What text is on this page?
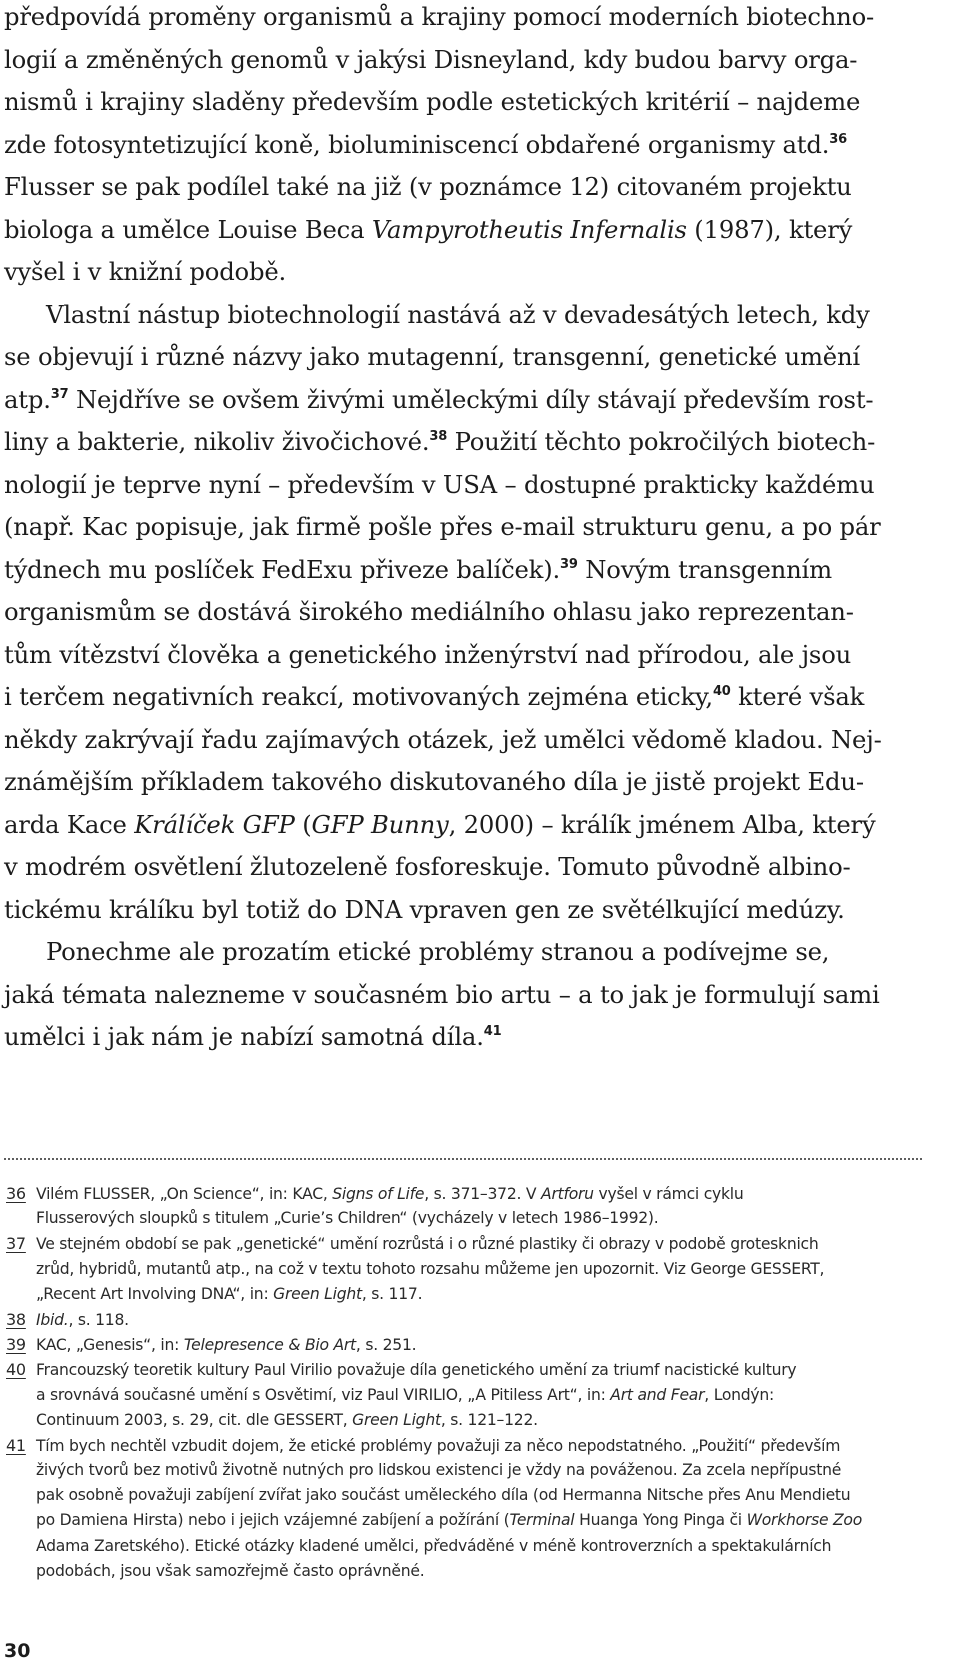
předpovídá proměny organismů a krajiny pomocí moderních biotechno-
logií a změněných genomů v jakýsi Disneyland, kdy budou barvy orga-
nismů i krajiny sladěny především podle estetických kritérií – najdeme
zde fotosyntetizující koně, bioluminiscencí obdařené organismy atd.$^{36}$
Flusser se pak podílel také na již (v poznámce 12) citovaném projektu
biologa a umělce Louise Beca Vampyrotheutis Infernalis (1987), který
vyšel i v knižní podobě.
Vlastní nástup biotechnologií nastává až v devadesátých letech, kdy
se objevují i různé názvy jako mutagenní, transgenní, genetické umění
atp.$^{37}$ Nejdříve se ovšem živými uměleckými díly stávají především rost-
liny a bakterie, nikoliv živočichové.$^{38}$ Použití těchto pokročilých biotech-
nologií je teprve nyní – především v USA – dostupné prakticky každému
(např. Kac popisuje, jak firmě pošle přes e-mail strukturu genu, a po pár
týdnech mu poslíček FedExu přiveze balíček).$^{39}$ Novým transgenním
organismům se dostává širokého mediálního ohlasu jako reprezentan-
tům vítězství člověka a genetického inženýrství nad přírodou, ale jsou
i terčem negativních reakcí, motivovaných zejména eticky,$^{40}$ které však
někdy zakrývají řadu zajímavých otázek, jež umělci vědomě kladou. Nej-
známějším příkladem takového diskutovaného díla je jistě projekt Edu-
arda Kace Králíček GFP (GFP Bunny, 2000) – králík jménem Alba, který
v modrém osvětlení žlutozeleně fosforeskuje. Tomuto původně albino-
tickému králíku byl totiž do DNA vpraven gen ze světélkující medúzy.
Ponechme ale prozatím etické problémy stranou a podívejme se,
jaká témata nalezneme v současném bio artu – a to jak je formulují sami
umělci i jak nám je nabízí samotná díla.$^{41}$
36 Vilém FLUSSER, „On Science“, in: KAC, Signs of Life, s. 371–372. V Artforu vyšel v rámci cyklu
Flusserových sloupků s titulem „Curie’s Children“ (vycházely v letech 1986–1992).
37 Ve stejném období se pak „genetické“ umění rozrůstá i o různé plastiky či obrazy v podobě grotesknich
zrůd, hybridů, mutantů atp., na což v textu tohoto rozsahu můžeme jen upozornit. Viz George GESSERT,
„Recent Art Involving DNA“, in: Green Light, s. 117.
38 Ibid., s. 118.
39 KAC, „Genesis“, in: Telepresence & Bio Art, s. 251.
40 Francouzský teoretik kultury Paul Virilio považuje díla genetického umění za triumf nacistické kultury
a srovnává současné umění s Osvětimí, viz Paul VIRILIO, „A Pitiless Art“, in: Art and Fear, Londýn:
Continuum 2003, s. 29, cit. dle GESSERT, Green Light, s. 121–122.
41 Tím bych nechtěl vzbudit dojem, že etické problémy považuji za něco nepodstatného. „Použití“ především
živých tvorů bez motivů životně nutných pro lidskou existenci je vždy na pováženou. Za zcela nepřípustné
pak osobně považuji zabíjení zvířat jako součást uměleckého díla (od Hermanna Nitsche přes Anu Mendietu
po Damiena Hirsta) nebo i jejich vzájemné zabíjení a požírání (Terminal Huanga Yong Pinga či Workhorse Zoo
Adama Zaretského). Etické otázky kladené umělci, předváděné v méně kontroverzních a spektakulárních
podobách, jsou však samozřejmě často oprávněné.
30
